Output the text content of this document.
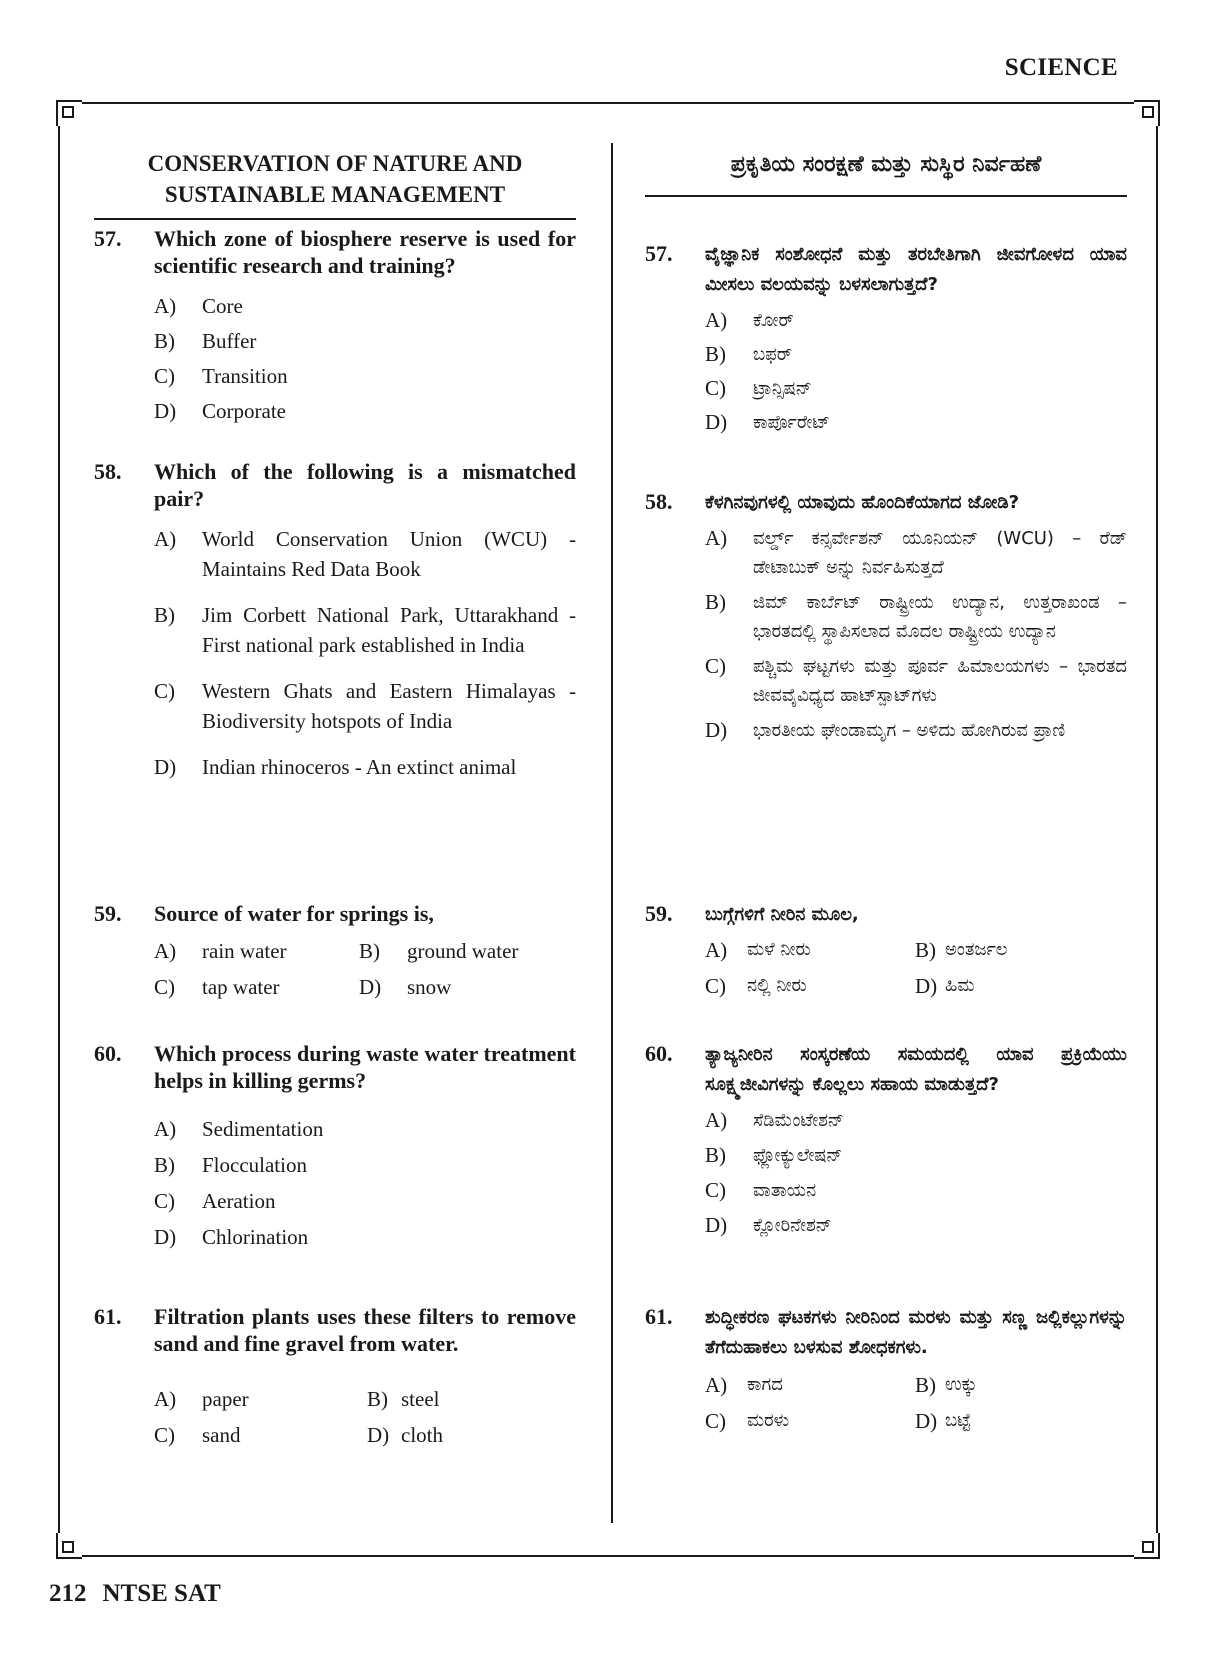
SCIENCE
CONSERVATION OF NATURE AND
SUSTAINABLE MANAGEMENT
57.	Which zone of biosphere reserve is used for scientific research and training?
A)	Core
B)	Buffer
C)	Transition
D)	Corporate
58.	Which of the following is a mismatched pair?
A)	World Conservation Union (WCU) - Maintains Red Data Book
B)	Jim Corbett National Park, Uttarakhand - First national park established in India
C)	Western Ghats and Eastern Himalayas - Biodiversity hotspots of India
D)	Indian rhinoceros - An extinct animal
59.	Source of water for springs is,
A)	rain water	B)	ground water
C)	tap water	D)	snow
60.	Which process during waste water treatment helps in killing germs?
A)	Sedimentation
B)	Flocculation
C)	Aeration
D)	Chlorination
61.	Filtration plants uses these filters to remove sand and fine gravel from water.
A)	paper	B) steel
C)	sand	D) cloth
ಪ್ರಕೃತಿಯ ಸಂರಕ್ಷಣೆ ಮತ್ತು ಸುಸ್ಥಿರ ನಿರ್ವಹಣೆ
57.	ವೈಜ್ಞಾನಿಕ ಸಂಶೋಧನೆ ಮತ್ತು ತರಬೇತಿಗಾಗಿ ಜೀವಗೋಳದ ಯಾವ ಮೀಸಲು ವಲಯವನ್ನು ಬಳಸಲಾಗುತ್ತದೆ?
A)	ಕೋರ್
B)	ಬಫರ್
C)	ಟ್ರಾನ್ಸಿಷನ್
D)	ಕಾರ್ಪೊರೇಟ್
58.	ಕೆಳಗಿನವುಗಳಲ್ಲಿ ಯಾವುದು ಹೊಂದಿಕೆಯಾಗದ ಜೋಡಿ?
A)	ವರ್ಲ್ಡ್ ಕನ್ಸರ್ವೇಶನ್ ಯೂನಿಯನ್ (WCU) – ರೆಡ್ ಡೇಟಾಬುಕ್ ಅನ್ನು ನಿರ್ವಹಿಸುತ್ತದೆ
B)	ಜಿಮ್ ಕಾರ್ಬೆಟ್ ರಾಷ್ಟ್ರೀಯ ಉದ್ಯಾನ, ಉತ್ತರಾಖಂಡ – ಭಾರತದಲ್ಲಿ ಸ್ಥಾಪಿಸಲಾದ ಮೊದಲ ರಾಷ್ಟ್ರೀಯ ಉದ್ಯಾನ
C)	ಪಶ್ಚಿಮ ಘಟ್ಟಗಳು ಮತ್ತು ಪೂರ್ವ ಹಿಮಾಲಯಗಳು – ಭಾರತದ ಜೀವವೈವಿಧ್ಯದ ಹಾಟ್‌ಸ್ಪಾಟ್‌ಗಳು
D)	ಭಾರತೀಯ ಘೇಂಡಾಮೃಗ – ಅಳಿದು ಹೋಗಿರುವ ಪ್ರಾಣಿ
59.	ಬುಗ್ಗೆಗಳಿಗೆ ನೀರಿನ ಮೂಲ,
A)	ಮಳೆ ನೀರು	B) ಅಂತರ್ಜಲ
C)	ನಲ್ಲಿ ನೀರು	D) ಹಿಮ
60.	ತ್ಯಾಜ್ಯನೀರಿನ ಸಂಸ್ಕರಣೆಯ ಸಮಯದಲ್ಲಿ ಯಾವ ಪ್ರಕ್ರಿಯೆಯು ಸೂಕ್ಷ್ಮಜೀವಿಗಳನ್ನು ಕೊಲ್ಲಲು ಸಹಾಯ ಮಾಡುತ್ತದೆ?
A)	ಸೆಡಿಮೆಂಟೇಶನ್
B)	ಫ್ಲೋಕ್ಯುಲೇಷನ್
C)	ವಾತಾಯನ
D)	ಕ್ಲೋರಿನೇಶನ್
61.	ಶುದ್ಧೀಕರಣ ಘಟಕಗಳು ನೀರಿನಿಂದ ಮರಳು ಮತ್ತು ಸಣ್ಣ ಜಲ್ಲಿಕಲ್ಲುಗಳನ್ನು ತೆಗೆದುಹಾಕಲು ಬಳಸುವ ಶೋಧಕಗಳು.
A)	ಕಾಗದ	B) ಉಕ್ಕು
C)	ಮರಳು	D) ಬಟ್ಟೆ
212 NTSE SAT
